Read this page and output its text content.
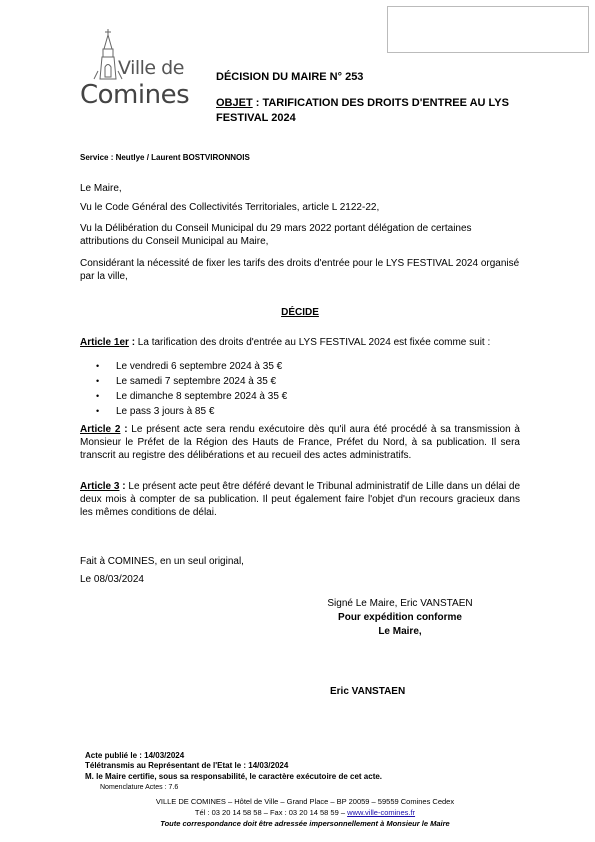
Ville de
Comines
DÉCISION DU MAIRE N° 253
OBJET : TARIFICATION DES DROITS D'ENTREE AU LYS FESTIVAL 2024
Service : Neutlye / Laurent BOSTVIRONNOIS
Le Maire,
Vu le Code Général des Collectivités Territoriales, article L 2122-22,
Vu la Délibération du Conseil Municipal du 29 mars 2022 portant délégation de certaines attributions du Conseil Municipal au Maire,
Considérant la nécessité de fixer les tarifs des droits d'entrée pour le LYS FESTIVAL 2024 organisé par la ville,
DÉCIDE
Article 1er : La tarification des droits d'entrée au LYS FESTIVAL 2024 est fixée comme suit :
• Le vendredi 6 septembre 2024 à 35 €
• Le samedi 7 septembre 2024 à 35 €
• Le dimanche 8 septembre 2024 à 35 €
• Le pass 3 jours à 85 €
Article 2 : Le présent acte sera rendu exécutoire dès qu'il aura été procédé à sa transmission à Monsieur le Préfet de la Région des Hauts de France, Préfet du Nord, à sa publication. Il sera transcrit au registre des délibérations et au recueil des actes administratifs.
Article 3 : Le présent acte peut être déféré devant le Tribunal administratif de Lille dans un délai de deux mois à compter de sa publication. Il peut également faire l'objet d'un recours gracieux dans les mêmes conditions de délai.
Fait à COMINES, en un seul original,
Le 08/03/2024
Signé Le Maire, Eric VANSTAEN
Pour expédition conforme
Le Maire,
Eric VANSTAEN
Acte publié le : 14/03/2024
Télétransmis au Représentant de l'Etat le : 14/03/2024
M. le Maire certifie, sous sa responsabilité, le caractère exécutoire de cet acte.
Nomenclature Actes : 7.6
VILLE DE COMINES – Hôtel de Ville – Grand Place – BP 20059 – 59559 Comines Cedex
Tél : 03 20 14 58 58 – Fax : 03 20 14 58 59 – www.ville-comines.fr
Toute correspondance doit être adressée impersonnellement à Monsieur le Maire
